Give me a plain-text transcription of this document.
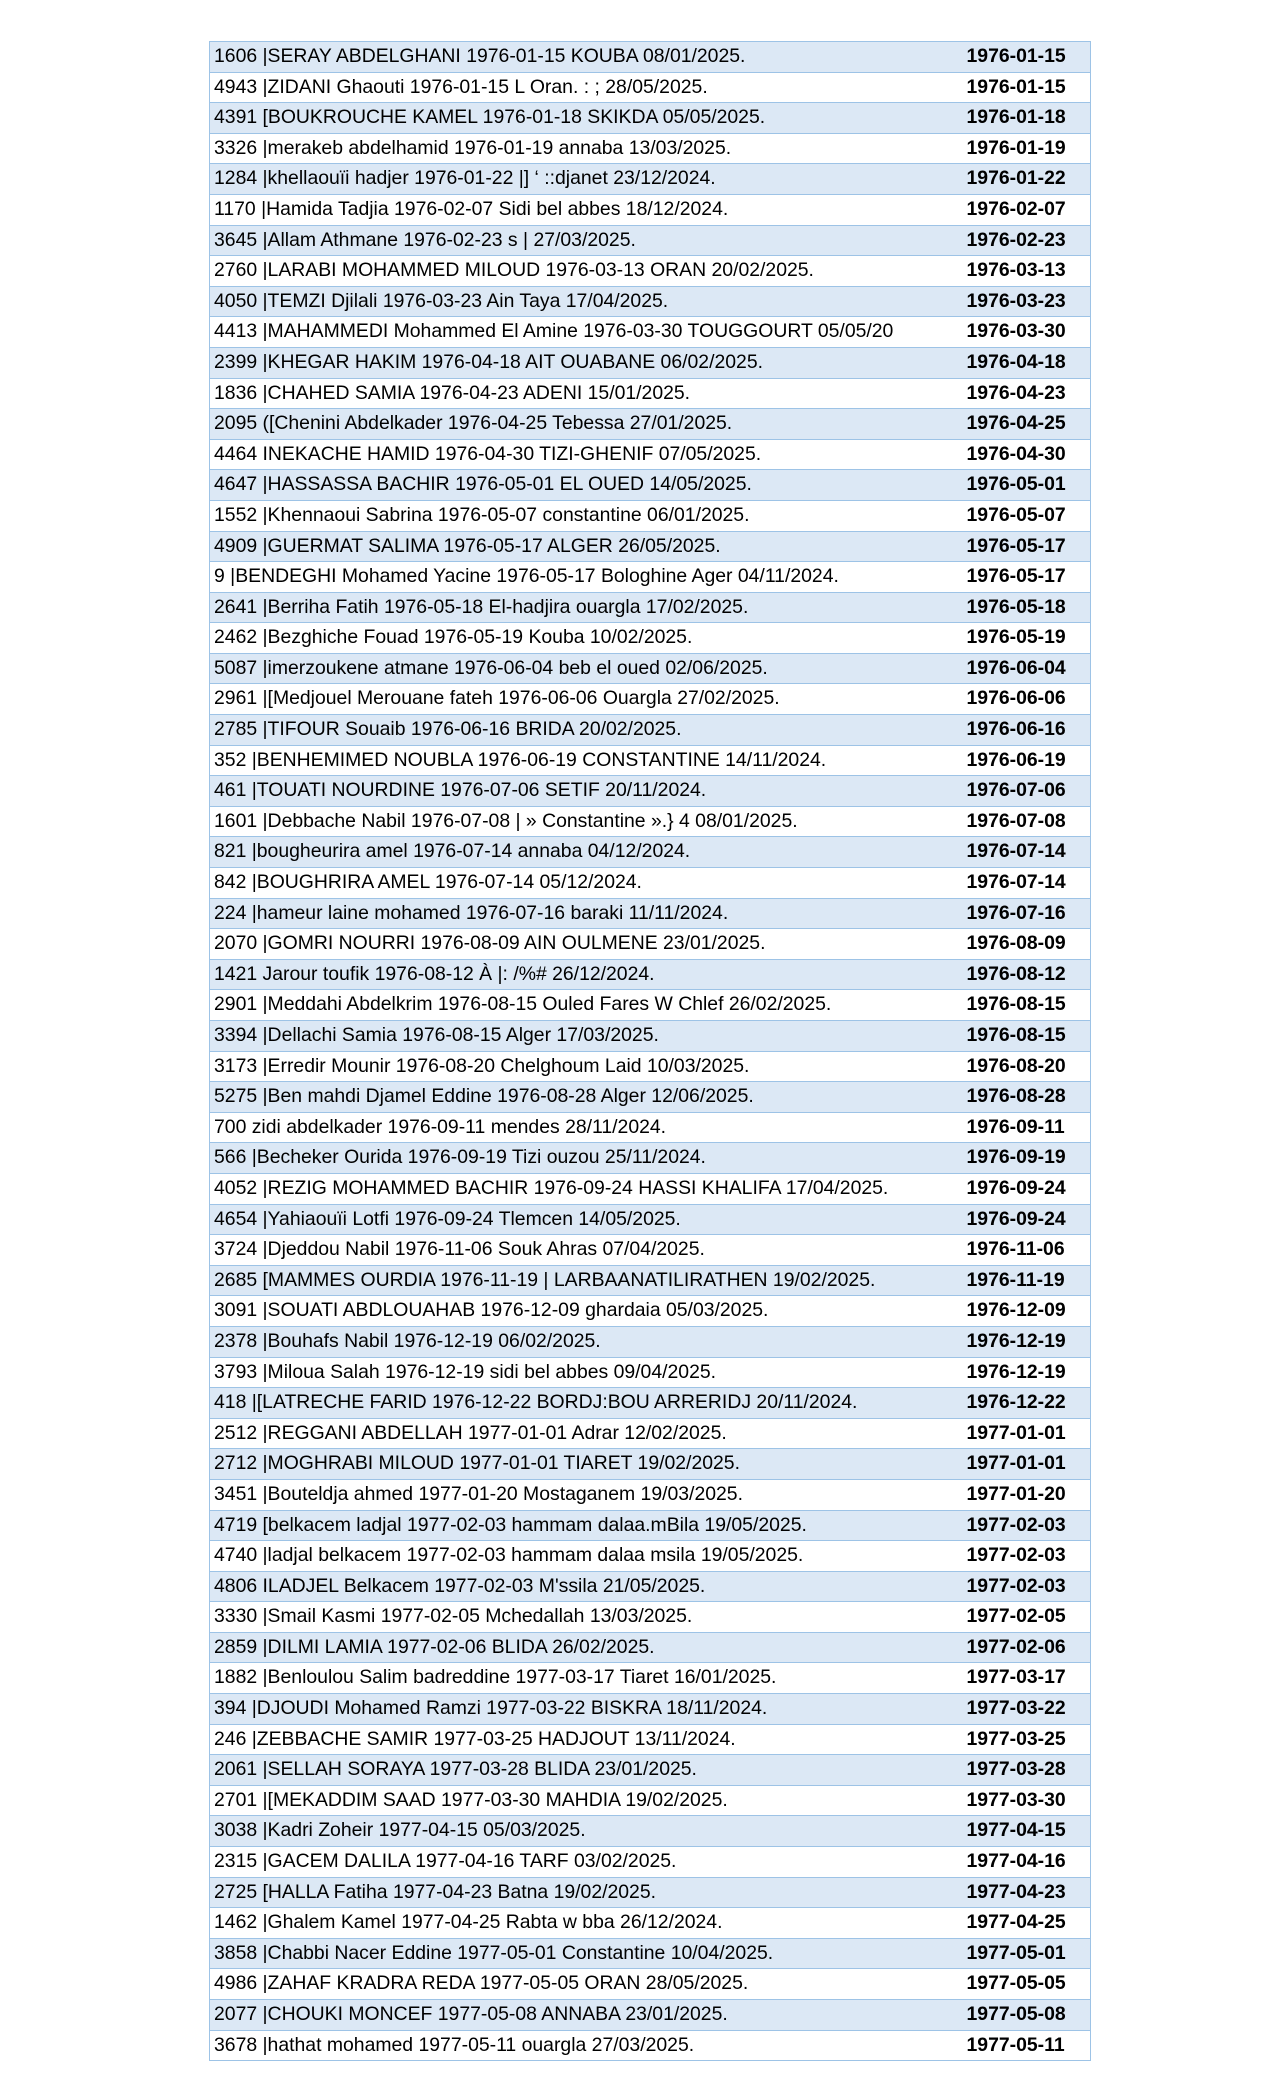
1606 |SERAY ABDELGHANI 1976-01-15 KOUBA 08/01/2025.	1976-01-15
4943 |ZIDANI Ghaouti 1976-01-15 L Oran. : ; 28/05/2025.	1976-01-15
4391 [BOUKROUCHE KAMEL 1976-01-18 SKIKDA 05/05/2025.	1976-01-18
3326 |merakeb abdelhamid 1976-01-19 annaba 13/03/2025.	1976-01-19
1284 |khellaouïi hadjer 1976-01-22 |] ‘ ::djanet 23/12/2024.	1976-01-22
1170 |Hamida Tadjia 1976-02-07 Sidi bel abbes 18/12/2024.	1976-02-07
3645 |Allam Athmane 1976-02-23 s | 27/03/2025.	1976-02-23
2760 |LARABI MOHAMMED MILOUD 1976-03-13 ORAN 20/02/2025.	1976-03-13
4050 |TEMZI Djilali 1976-03-23 Ain Taya 17/04/2025.	1976-03-23
4413 |MAHAMMEDI Mohammed El Amine 1976-03-30 TOUGGOURT 05/05/20	1976-03-30
2399 |KHEGAR HAKIM 1976-04-18 AIT OUABANE 06/02/2025.	1976-04-18
1836 |CHAHED SAMIA 1976-04-23 ADENI 15/01/2025.	1976-04-23
2095 ([Chenini Abdelkader 1976-04-25 Tebessa 27/01/2025.	1976-04-25
4464 INEKACHE HAMID 1976-04-30 TIZI-GHENIF 07/05/2025.	1976-04-30
4647 |HASSASSA BACHIR 1976-05-01 EL OUED 14/05/2025.	1976-05-01
1552 |Khennaoui Sabrina 1976-05-07 constantine 06/01/2025.	1976-05-07
4909 |GUERMAT SALIMA 1976-05-17 ALGER 26/05/2025.	1976-05-17
9 |BENDEGHI Mohamed Yacine 1976-05-17 Bologhine Ager 04/11/2024.	1976-05-17
2641 |Berriha Fatih 1976-05-18 El-hadjira ouargla 17/02/2025.	1976-05-18
2462 |Bezghiche Fouad 1976-05-19 Kouba 10/02/2025.	1976-05-19
5087 |imerzoukene atmane 1976-06-04 beb el oued 02/06/2025.	1976-06-04
2961 |[Medjouel Merouane fateh 1976-06-06 Ouargla 27/02/2025.	1976-06-06
2785 |TIFOUR Souaib 1976-06-16 BRIDA 20/02/2025.	1976-06-16
352 |BENHEMIMED NOUBLA 1976-06-19 CONSTANTINE 14/11/2024.	1976-06-19
461 |TOUATI NOURDINE 1976-07-06 SETIF 20/11/2024.	1976-07-06
1601 |Debbache Nabil 1976-07-08 | » Constantine ».} 4 08/01/2025.	1976-07-08
821 |bougheurira amel 1976-07-14 annaba 04/12/2024.	1976-07-14
842 |BOUGHRIRA AMEL 1976-07-14 05/12/2024.	1976-07-14
224 |hameur laine mohamed 1976-07-16 baraki 11/11/2024.	1976-07-16
2070 |GOMRI NOURRI 1976-08-09 AIN OULMENE 23/01/2025.	1976-08-09
1421 Jarour toufik 1976-08-12 À |: /%# 26/12/2024.	1976-08-12
2901 |Meddahi Abdelkrim 1976-08-15 Ouled Fares W Chlef 26/02/2025.	1976-08-15
3394 |Dellachi Samia 1976-08-15 Alger 17/03/2025.	1976-08-15
3173 |Erredir Mounir 1976-08-20 Chelghoum Laid 10/03/2025.	1976-08-20
5275 |Ben mahdi Djamel Eddine 1976-08-28 Alger 12/06/2025.	1976-08-28
700 zidi abdelkader 1976-09-11 mendes 28/11/2024.	1976-09-11
566 |Becheker Ourida 1976-09-19 Tizi ouzou 25/11/2024.	1976-09-19
4052 |REZIG MOHAMMED BACHIR 1976-09-24 HASSI KHALIFA 17/04/2025.	1976-09-24
4654 |Yahiaouïi Lotfi 1976-09-24 Tlemcen 14/05/2025.	1976-09-24
3724 |Djeddou Nabil 1976-11-06 Souk Ahras 07/04/2025.	1976-11-06
2685 [MAMMES OURDIA 1976-11-19 | LARBAANATILIRATHEN 19/02/2025.	1976-11-19
3091 |SOUATI ABDLOUAHAB 1976-12-09 ghardaia 05/03/2025.	1976-12-09
2378 |Bouhafs Nabil 1976-12-19 06/02/2025.	1976-12-19
3793 |Miloua Salah 1976-12-19 sidi bel abbes 09/04/2025.	1976-12-19
418 |[LATRECHE FARID 1976-12-22 BORDJ:BOU ARRERIDJ 20/11/2024.	1976-12-22
2512 |REGGANI ABDELLAH 1977-01-01 Adrar 12/02/2025.	1977-01-01
2712 |MOGHRABI MILOUD 1977-01-01 TIARET 19/02/2025.	1977-01-01
3451 |Bouteldja ahmed 1977-01-20 Mostaganem 19/03/2025.	1977-01-20
4719 [belkacem ladjal 1977-02-03 hammam dalaa.mBila 19/05/2025.	1977-02-03
4740 |ladjal belkacem 1977-02-03 hammam dalaa msila 19/05/2025.	1977-02-03
4806 ILADJEL Belkacem 1977-02-03 M'ssila 21/05/2025.	1977-02-03
3330 |Smail Kasmi 1977-02-05 Mchedallah 13/03/2025.	1977-02-05
2859 |DILMI LAMIA 1977-02-06 BLIDA 26/02/2025.	1977-02-06
1882 |Benloulou Salim badreddine 1977-03-17 Tiaret 16/01/2025.	1977-03-17
394 |DJOUDI Mohamed Ramzi 1977-03-22 BISKRA 18/11/2024.	1977-03-22
246 |ZEBBACHE SAMIR 1977-03-25 HADJOUT 13/11/2024.	1977-03-25
2061 |SELLAH SORAYA 1977-03-28 BLIDA 23/01/2025.	1977-03-28
2701 |[MEKADDIM SAAD 1977-03-30 MAHDIA 19/02/2025.	1977-03-30
3038 |Kadri Zoheir 1977-04-15 05/03/2025.	1977-04-15
2315 |GACEM DALILA 1977-04-16 TARF 03/02/2025.	1977-04-16
2725 [HALLA Fatiha 1977-04-23 Batna 19/02/2025.	1977-04-23
1462 |Ghalem Kamel 1977-04-25 Rabta w bba 26/12/2024.	1977-04-25
3858 |Chabbi Nacer Eddine 1977-05-01 Constantine 10/04/2025.	1977-05-01
4986 |ZAHAF KRADRA REDA 1977-05-05 ORAN 28/05/2025.	1977-05-05
2077 |CHOUKI MONCEF 1977-05-08 ANNABA 23/01/2025.	1977-05-08
3678 |hathat mohamed 1977-05-11 ouargla 27/03/2025.	1977-05-11
